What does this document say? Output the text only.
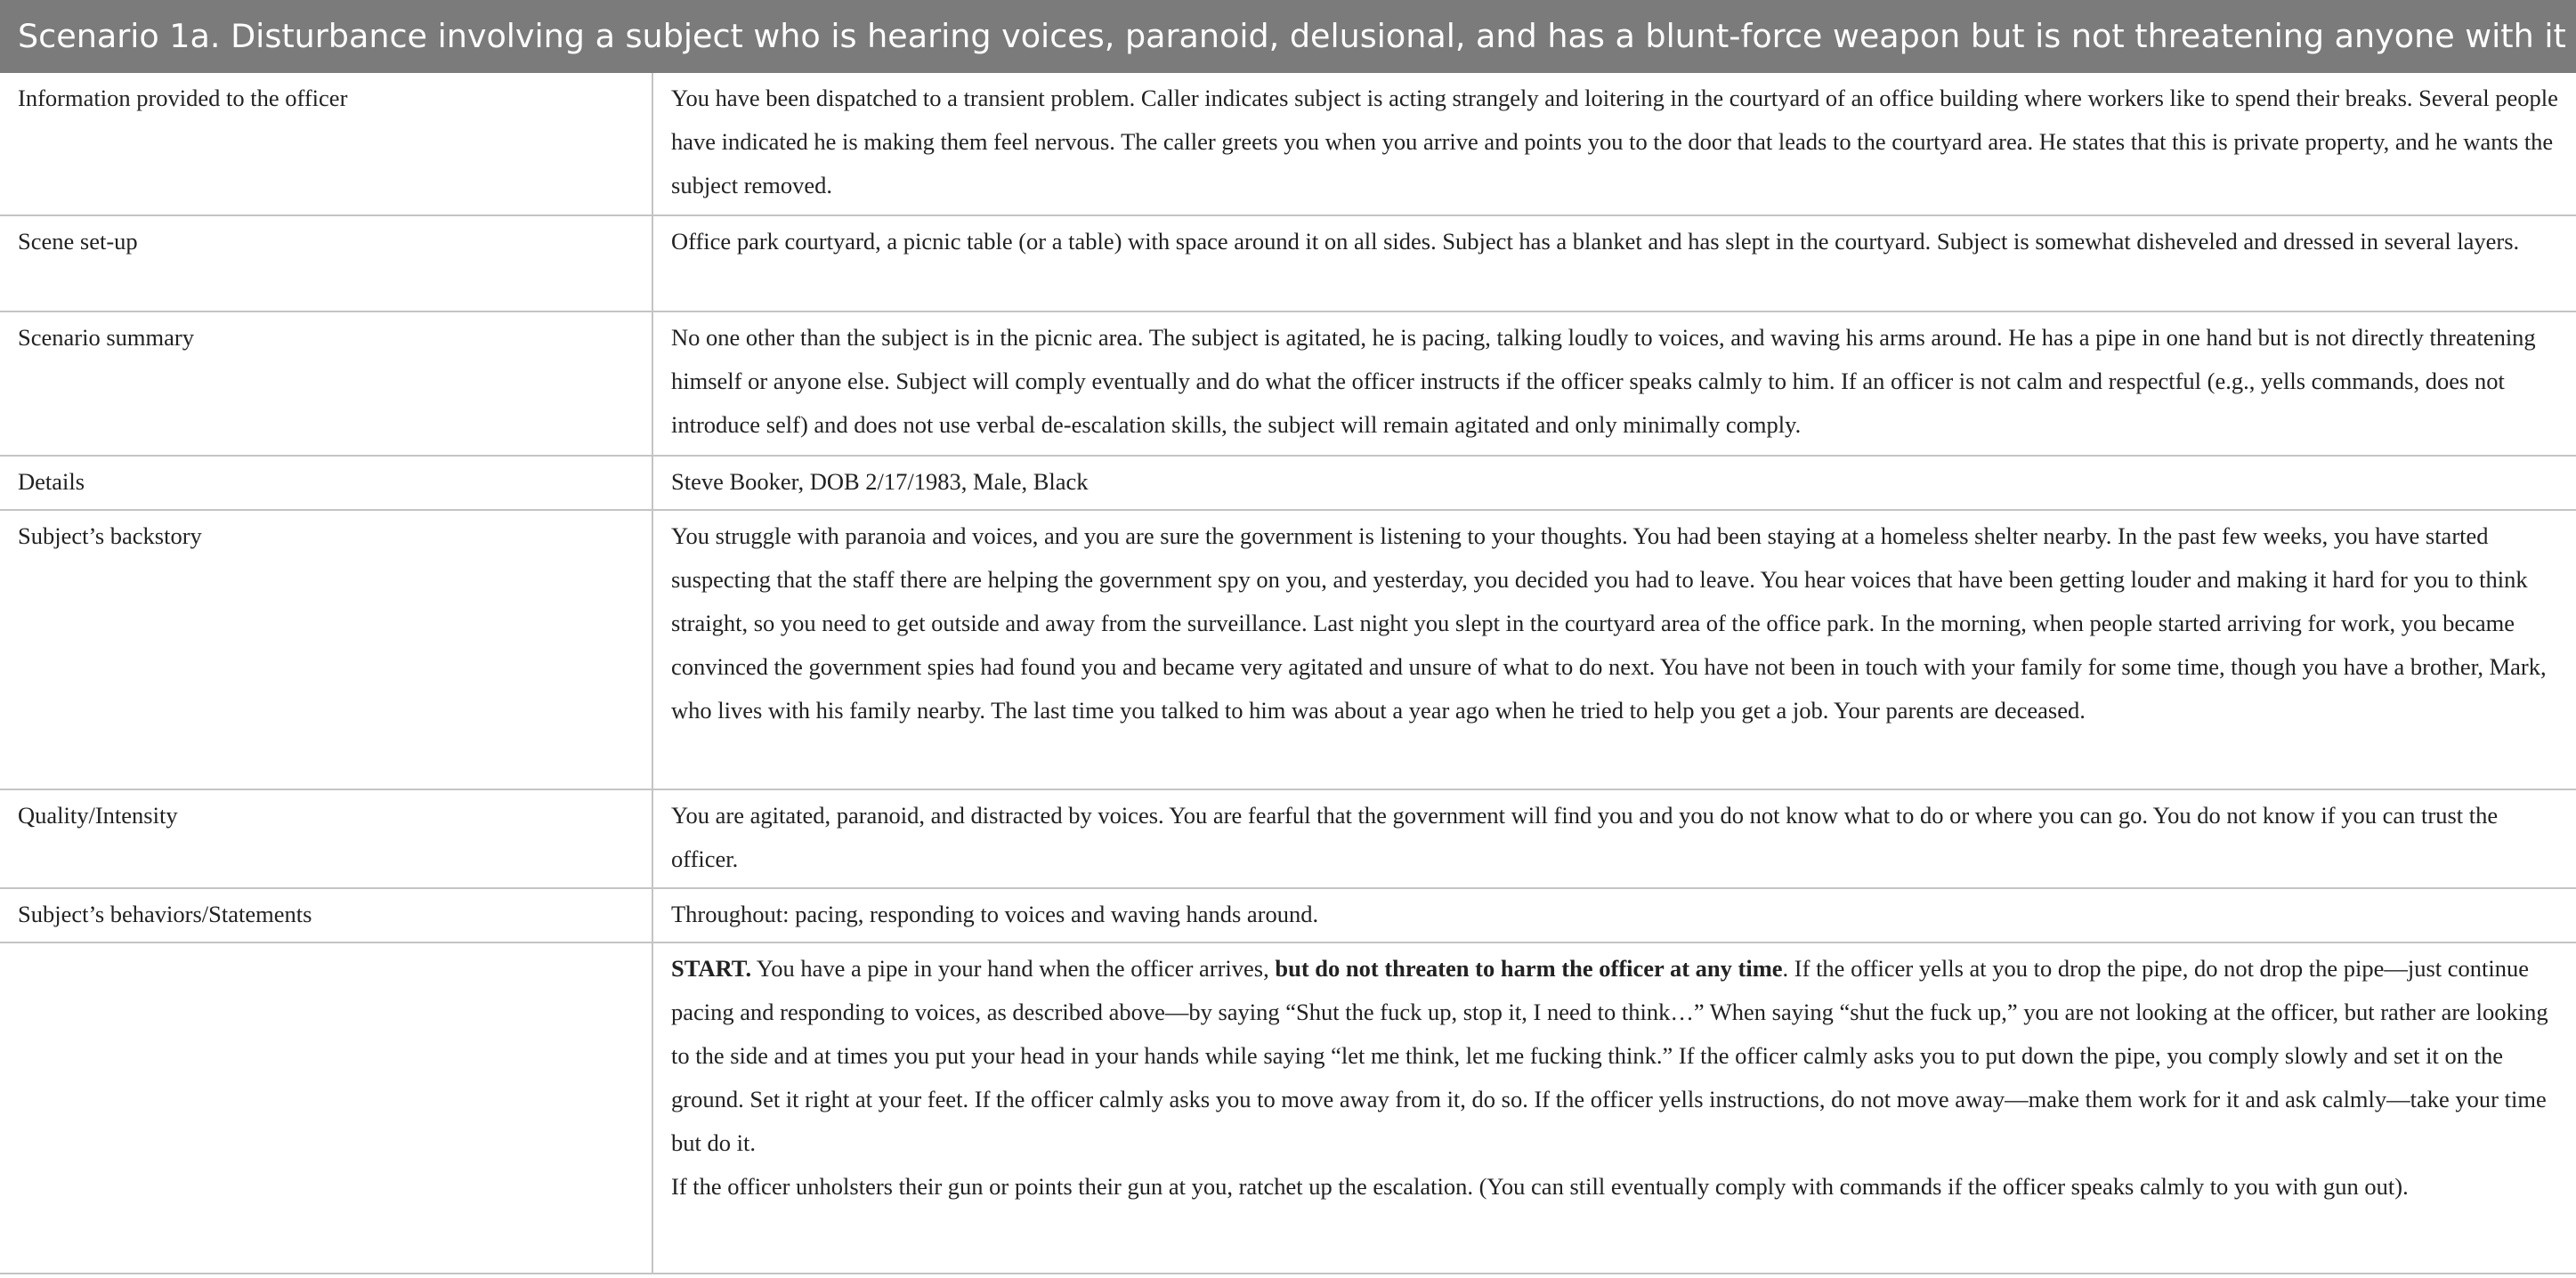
Scenario 1a. Disturbance involving a subject who is hearing voices, paranoid, delusional, and has a blunt-force weapon but is not threatening anyone with it
Information provided to the officer	You have been dispatched to a transient problem. Caller indicates subject is acting strangely and loitering in the courtyard of an office building where workers like to spend their breaks. Several people have indicated he is making them feel nervous. The caller greets you when you arrive and points you to the door that leads to the courtyard area. He states that this is private property, and he wants the subject removed.
Scene set-up	Office park courtyard, a picnic table (or a table) with space around it on all sides. Subject has a blanket and has slept in the courtyard. Subject is somewhat disheveled and dressed in several layers.
Scenario summary	No one other than the subject is in the picnic area. The subject is agitated, he is pacing, talking loudly to voices, and waving his arms around. He has a pipe in one hand but is not directly threatening himself or anyone else. Subject will comply eventually and do what the officer instructs if the officer speaks calmly to him. If an officer is not calm and respectful (e.g., yells commands, does not introduce self) and does not use verbal de-escalation skills, the subject will remain agitated and only minimally comply.
Details	Steve Booker, DOB 2/17/1983, Male, Black
Subject’s backstory	You struggle with paranoia and voices, and you are sure the government is listening to your thoughts. You had been staying at a homeless shelter nearby. In the past few weeks, you have started suspecting that the staff there are helping the government spy on you, and yesterday, you decided you had to leave. You hear voices that have been getting louder and making it hard for you to think straight, so you need to get outside and away from the surveillance. Last night you slept in the courtyard area of the office park. In the morning, when people started arriving for work, you became convinced the government spies had found you and became very agitated and unsure of what to do next. You have not been in touch with your family for some time, though you have a brother, Mark, who lives with his family nearby. The last time you talked to him was about a year ago when he tried to help you get a job. Your parents are deceased.
Quality/Intensity	You are agitated, paranoid, and distracted by voices. You are fearful that the government will find you and you do not know what to do or where you can go. You do not know if you can trust the officer.
Subject’s behaviors/Statements	Throughout: pacing, responding to voices and waving hands around.

	START. You have a pipe in your hand when the officer arrives, but do not threaten to harm the officer at any time. If the officer yells at you to drop the pipe, do not drop the pipe—just continue pacing and responding to voices, as described above—by saying “Shut the fuck up, stop it, I need to think…” When saying “shut the fuck up,” you are not looking at the officer, but rather are looking to the side and at times you put your head in your hands while saying “let me think, let me fucking think.” If the officer calmly asks you to put down the pipe, you comply slowly and set it on the ground. Set it right at your feet. If the officer calmly asks you to move away from it, do so. If the officer yells instructions, do not move away—make them work for it and ask calmly—take your time but do it.
If the officer unholsters their gun or points their gun at you, ratchet up the escalation. (You can still eventually comply with commands if the officer speaks calmly to you with gun out).
